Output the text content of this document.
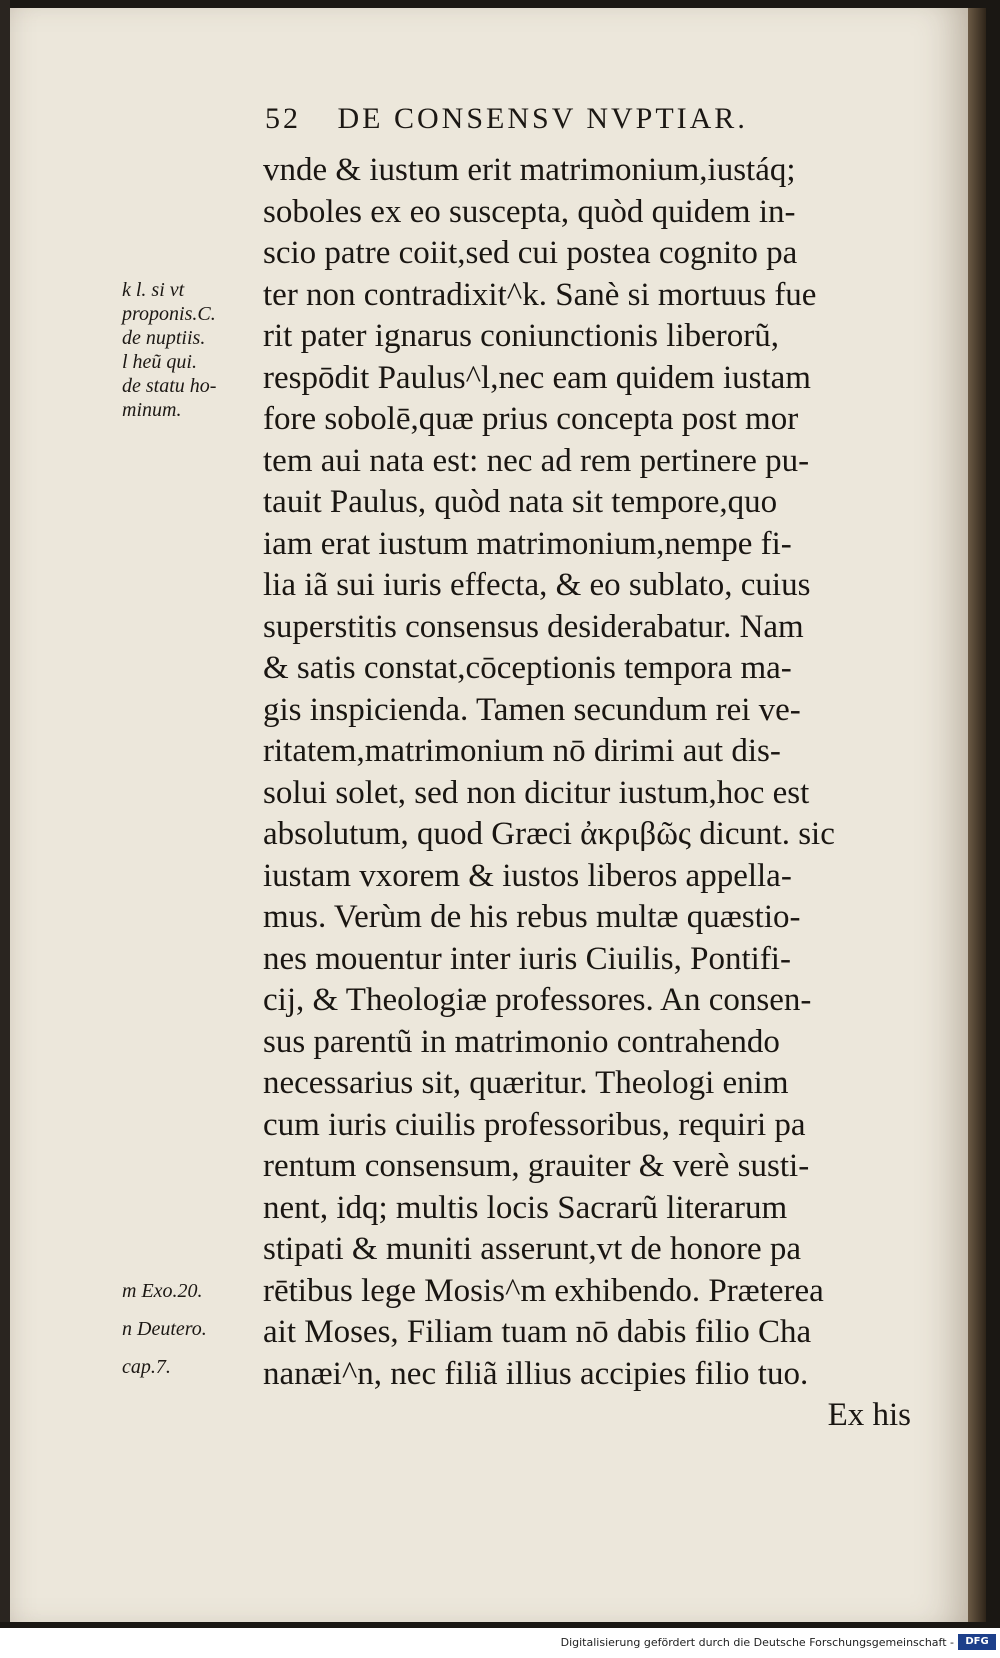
52 DE CONSENSV NVPTIAR.
vnde & iustum erit matrimonium,iustáq;
soboles ex eo suscepta, quòd quidem in-
scio patre coiit,sed cui postea cognito pa
ter non contradixit^k. Sanè si mortuus fue
rit pater ignarus coniunctionis liberorũ,
respōdit Paulus^l,nec eam quidem iustam
fore sobolē,quæ prius concepta post mor
tem aui nata est: nec ad rem pertinere pu-
tauit Paulus, quòd nata sit tempore,quo
iam erat iustum matrimonium,nempe fi-
lia iã sui iuris effecta, & eo sublato, cuius
superstitis consensus desiderabatur. Nam
& satis constat,cōceptionis tempora ma-
gis inspicienda. Tamen secundum rei ve-
ritatem,matrimonium nō dirimi aut dis-
solui solet, sed non dicitur iustum,hoc est
absolutum, quod Græci ἀκριβῶς dicunt. sic
iustam vxorem & iustos liberos appella-
mus. Verùm de his rebus multæ quæstio-
nes mouentur inter iuris Ciuilis, Pontifi-
cij, & Theologiæ professores. An consen-
sus parentũ in matrimonio contrahendo
necessarius sit, quæritur. Theologi enim
cum iuris ciuilis professoribus, requiri pa
rentum consensum, grauiter & verè susti-
nent, idq; multis locis Sacrarũ literarum
stipati & muniti asserunt,vt de honore pa
rētibus lege Mosis^m exhibendo. Præterea
ait Moses, Filiam tuam nō dabis filio Cha
nanæi^n, nec filiã illius accipies filio tuo.
Ex his
k l. si vt
proponis.C.
de nuptiis.
l heũ qui.
de statu ho-
minum.
m Exo.20.
n Deutero.
cap.7.
Digitalisierung gefördert durch die Deutsche Forschungsgemeinschaft -	DFG
